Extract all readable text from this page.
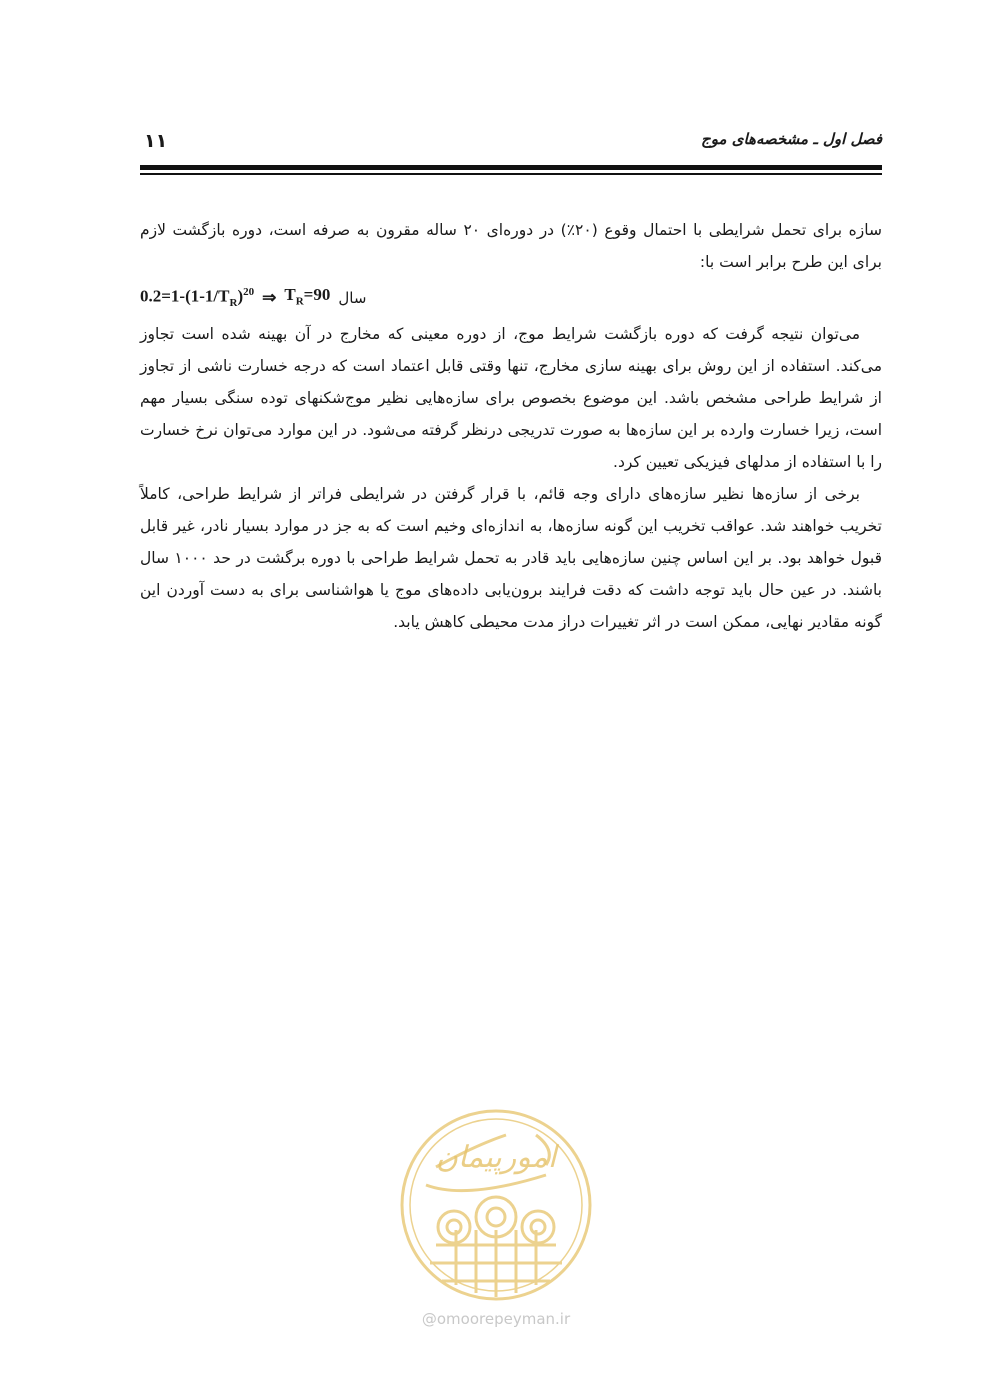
۱۱	فصل اول ـ مشخصه‌های موج

سازه برای تحمل شرایطی با احتمال وقوع (۲۰٪) در دوره‌ای ۲۰ ساله مقرون به صرفه است، دوره بازگشت لازم برای این طرح برابر است با:

$0.2=1-(1-1/T_R)^{20}$ ⇒ $T_R=90$ سال

می‌توان نتیجه گرفت که دوره بازگشت شرایط موج، از دوره معینی که مخارج در آن بهینه شده است تجاوز می‌کند. استفاده از این روش برای بهینه سازی مخارج، تنها وقتی قابل اعتماد است که درجه خسارت ناشی از تجاوز از شرایط طراحی مشخص باشد. این موضوع بخصوص برای سازه‌هایی نظیر موج‌شکنهای توده سنگی بسیار مهم است، زیرا خسارت وارده بر این سازه‌ها به صورت تدریجی درنظر گرفته می‌شود. در این موارد می‌توان نرخ خسارت را با استفاده از مدلهای فیزیکی تعیین کرد.

برخی از سازه‌ها نظیر سازه‌های دارای وجه قائم، با قرار گرفتن در شرایطی فراتر از شرایط طراحی، کاملاً تخریب خواهند شد. عواقب تخریب این گونه سازه‌ها، به اندازه‌ای وخیم است که به جز در موارد بسیار نادر، غیر قابل قبول خواهد بود. بر این اساس چنین سازه‌هایی باید قادر به تحمل شرایط طراحی با دوره برگشت در حد ۱۰۰۰ سال باشند. در عین حال باید توجه داشت که دقت فرایند برون‌یابی داده‌های موج یا هواشناسی برای به دست آوردن این گونه مقادیر نهایی، ممکن است در اثر تغییرات دراز مدت محیطی کاهش یابد.

امورپیمان
@omoorepeyman.ir
